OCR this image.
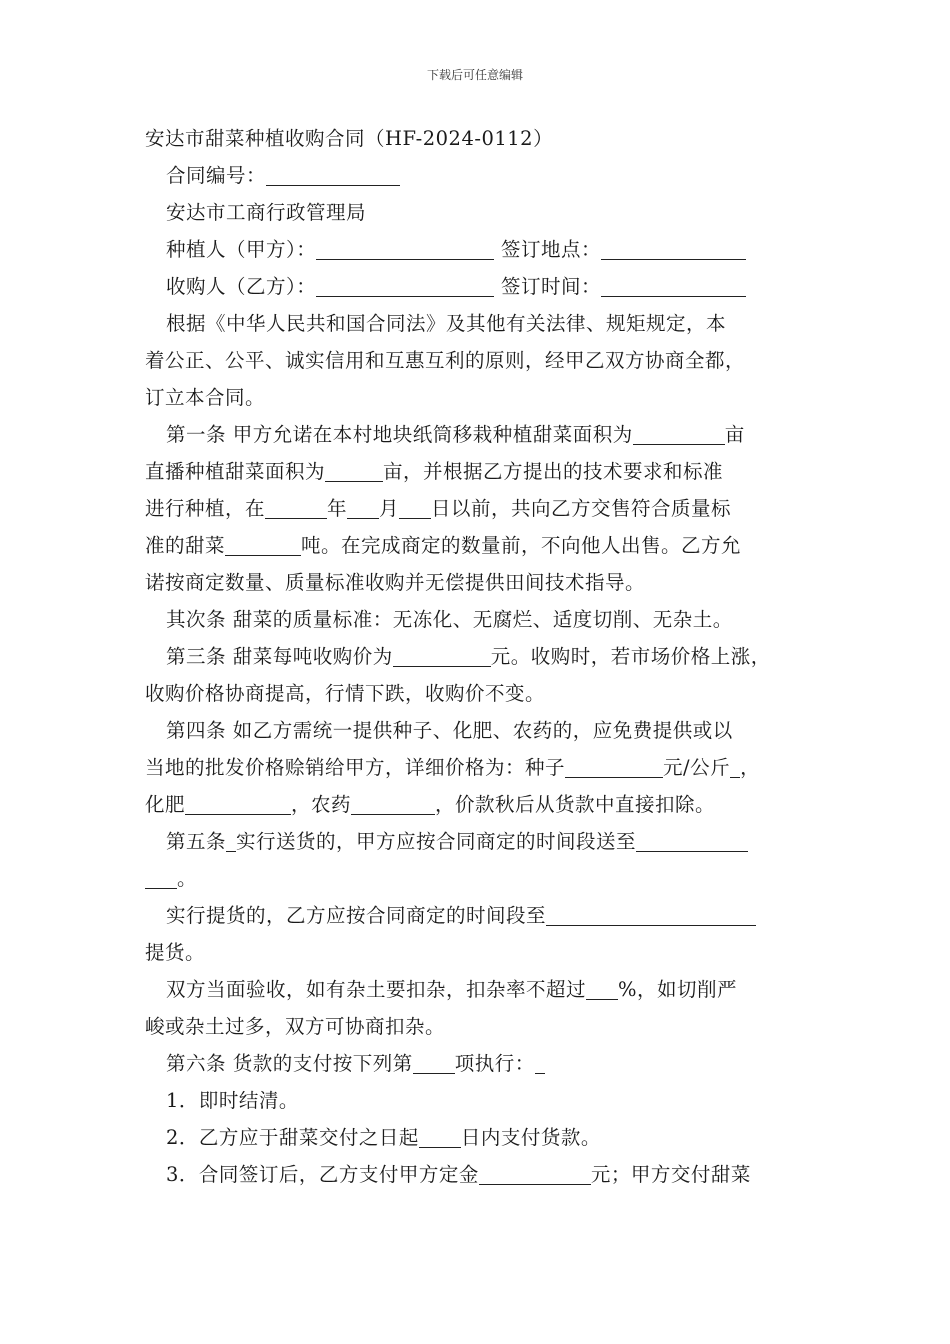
下载后可任意编辑

安达市甜菜种植收购合同（HF-2024-0112）

合同编号：

安达市工商行政管理局

种植人（甲方）：	签订地点：

收购人（乙方）：	签订时间：

根据《中华人民共和国合同法》及其他有关法律、规矩规定，本

着公正、公平、诚实信用和互惠互利的原则，经甲乙双方协商全都，

订立本合同。

第一条 甲方允诺在本村地块纸筒移栽种植甜菜面积为	亩

直播种植甜菜面积为	亩，并根据乙方提出的技术要求和标准

进行种植，在	年 月 日以前，共向乙方交售符合质量标

准的甜菜	吨。在完成商定的数量前，不向他人出售。乙方允

诺按商定数量、质量标准收购并无偿提供田间技术指导。

其次条 甜菜的质量标准：无冻化、无腐烂、适度切削、无杂土。

第三条 甜菜每吨收购价为	元。收购时，若市场价格上涨，

收购价格协商提高，行情下跌，收购价不变。

第四条 如乙方需统一提供种子、化肥、农药的，应免费提供或以

当地的批发价格赊销给甲方，详细价格为：种子	元/公斤 ，

化肥	，农药	，价款秋后从货款中直接扣除。

第五条 实行送货的，甲方应按合同商定的时间段送至

。

实行提货的，乙方应按合同商定的时间段至

提货。

双方当面验收，如有杂土要扣杂，扣杂率不超过 %，如切削严

峻或杂土过多，双方可协商扣杂。

第六条 货款的支付按下列第 项执行：

1．即时结清。

2．乙方应于甜菜交付之日起 日内支付货款。

3．合同签订后，乙方支付甲方定金	元；甲方交付甜菜
